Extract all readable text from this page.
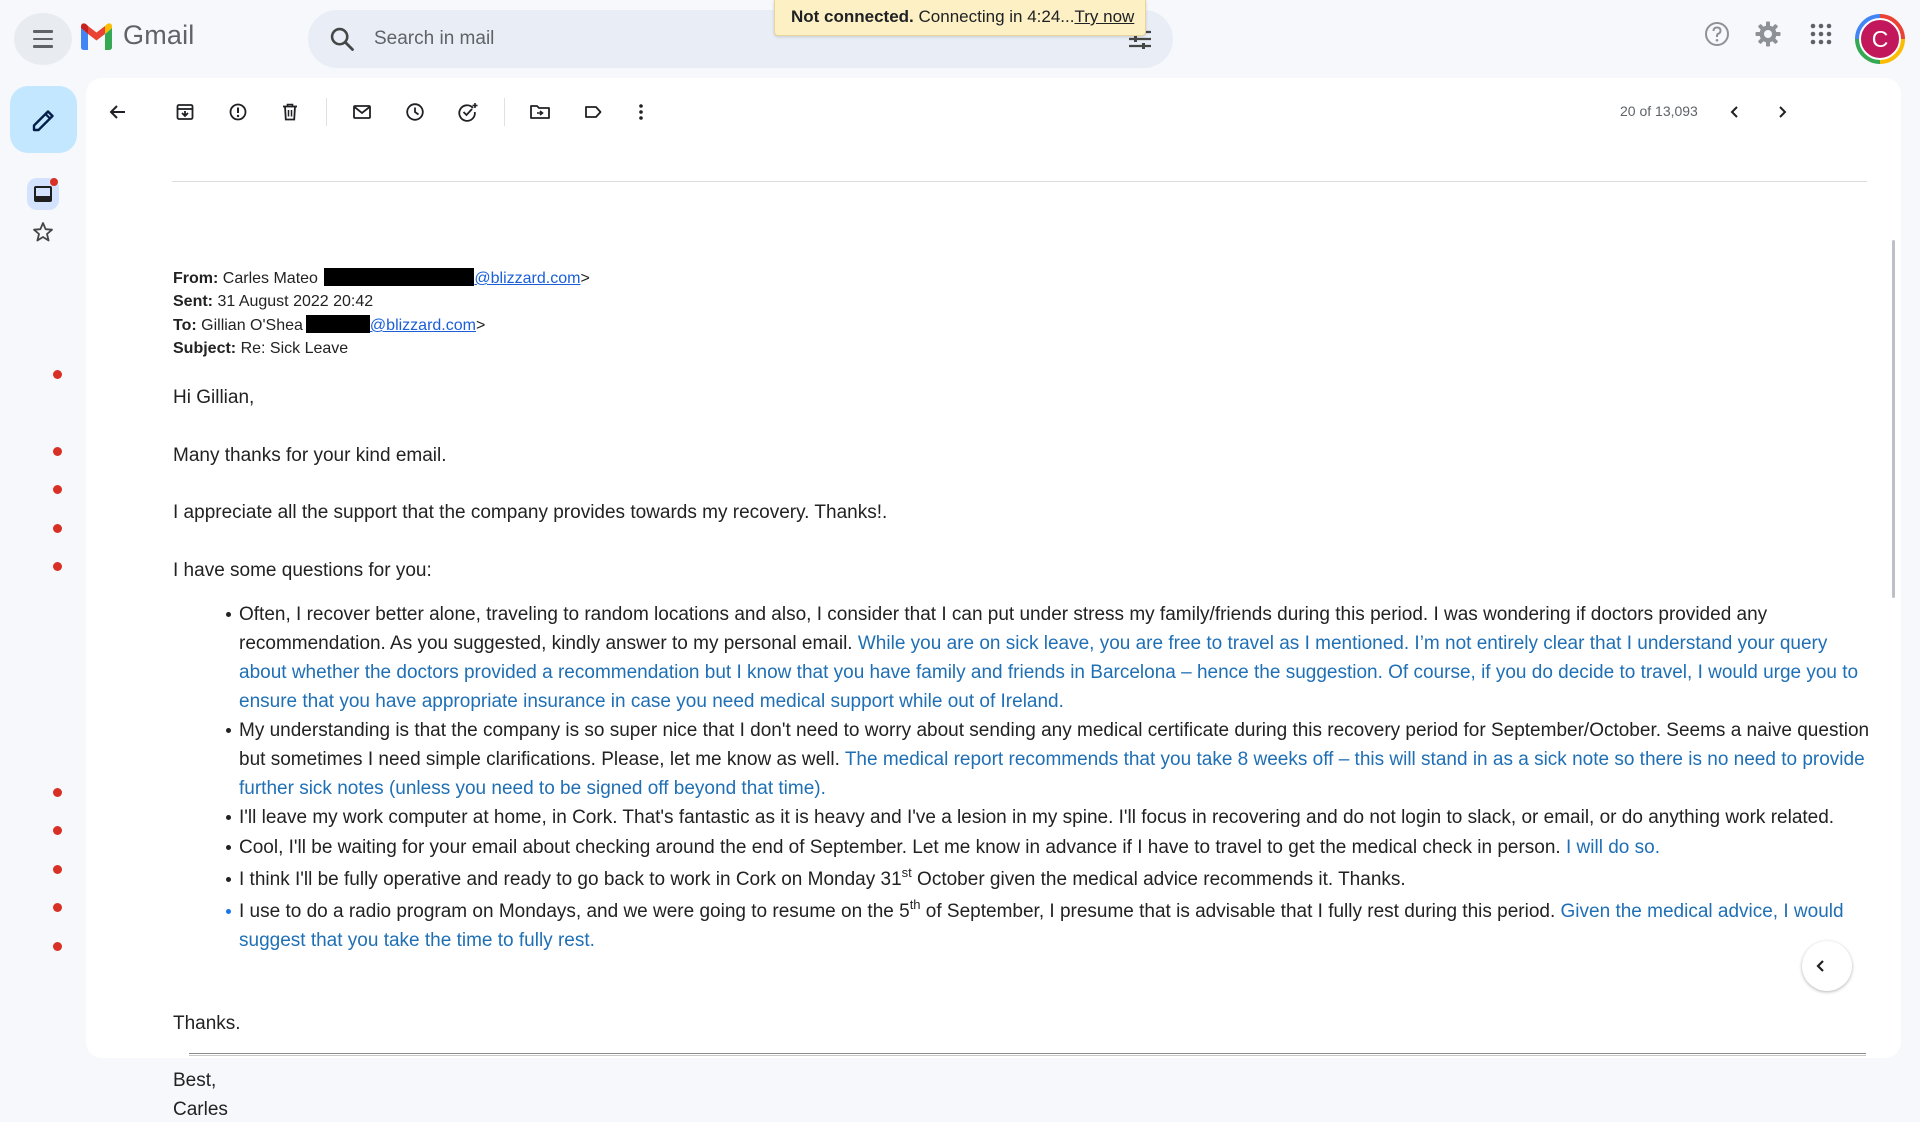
Gmail
Search in mail
Not connected. Connecting in 4:24...Try now
C
20 of 13,093
From: Carles Mateo	@blizzard.com>
Sent: 31 August 2022 20:42
To: Gillian O'Shea	@blizzard.com>
Subject: Re: Sick Leave
Hi Gillian,
Many thanks for your kind email.
I appreciate all the support that the company provides towards my recovery. Thanks!.
I have some questions for you:
Often, I recover better alone, traveling to random locations and also, I consider that I can put under stress my family/friends during this period. I was wondering if doctors provided any recommendation. As you suggested, kindly answer to my personal email. While you are on sick leave, you are free to travel as I mentioned. I’m not entirely clear that I understand your query about whether the doctors provided a recommendation but I know that you have family and friends in Barcelona – hence the suggestion. Of course, if you do decide to travel, I would urge you to ensure that you have appropriate insurance in case you need medical support while out of Ireland.
My understanding is that the company is so super nice that I don't need to worry about sending any medical certificate during this recovery period for September/October. Seems a naive question but sometimes I need simple clarifications. Please, let me know as well. The medical report recommends that you take 8 weeks off – this will stand in as a sick note so there is no need to provide further sick notes (unless you need to be signed off beyond that time).
I'll leave my work computer at home, in Cork. That's fantastic as it is heavy and I've a lesion in my spine. I'll focus in recovering and do not login to slack, or email, or do anything work related.
Cool, I'll be waiting for your email about checking around the end of September. Let me know in advance if I have to travel to get the medical check in person. I will do so.
I think I'll be fully operative and ready to go back to work in Cork on Monday 31st October given the medical advice recommends it. Thanks.
I use to do a radio program on Mondays, and we were going to resume on the 5th of September, I presume that is advisable that I fully rest during this period. Given the medical advice, I would suggest that you take the time to fully rest.
Thanks.
Best,
Carles
